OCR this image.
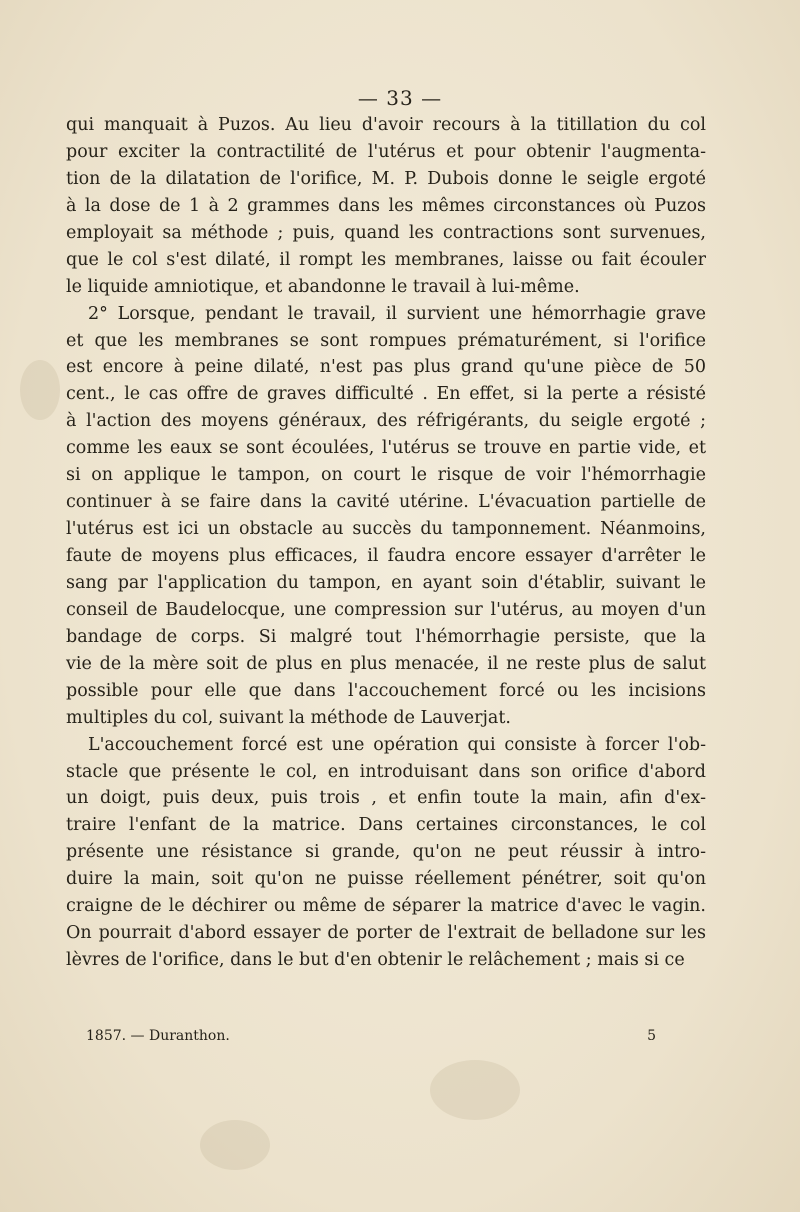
— 33 —
qui manquait à Puzos. Au lieu d'avoir recours à la titillation du col
pour exciter la contractilité de l'utérus et pour obtenir l'augmenta-
tion de la dilatation de l'orifice, M. P. Dubois donne le seigle ergoté
à la dose de 1 à 2 grammes dans les mêmes circonstances où Puzos
employait sa méthode ; puis, quand les contractions sont survenues,
que le col s'est dilaté, il rompt les membranes, laisse ou fait écouler
le liquide amniotique, et abandonne le travail à lui-même.
2° Lorsque, pendant le travail, il survient une hémorrhagie grave
et que les membranes se sont rompues prématurément, si l'orifice
est encore à peine dilaté, n'est pas plus grand qu'une pièce de 50
cent., le cas offre de graves difficulté . En effet, si la perte a résisté
à l'action des moyens généraux, des réfrigérants, du seigle ergoté ;
comme les eaux se sont écoulées, l'utérus se trouve en partie vide, et
si on applique le tampon, on court le risque de voir l'hémorrhagie
continuer à se faire dans la cavité utérine. L'évacuation partielle de
l'utérus est ici un obstacle au succès du tamponnement. Néanmoins,
faute de moyens plus efficaces, il faudra encore essayer d'arrêter le
sang par l'application du tampon, en ayant soin d'établir, suivant le
conseil de Baudelocque, une compression sur l'utérus, au moyen d'un
bandage de corps. Si malgré tout l'hémorrhagie persiste, que la
vie de la mère soit de plus en plus menacée, il ne reste plus de salut
possible pour elle que dans l'accouchement forcé ou les incisions
multiples du col, suivant la méthode de Lauverjat.
L'accouchement forcé est une opération qui consiste à forcer l'ob-
stacle que présente le col, en introduisant dans son orifice d'abord
un doigt, puis deux, puis trois , et enfin toute la main, afin d'ex-
traire l'enfant de la matrice. Dans certaines circonstances, le col
présente une résistance si grande, qu'on ne peut réussir à intro-
duire la main, soit qu'on ne puisse réellement pénétrer, soit qu'on
craigne de le déchirer ou même de séparer la matrice d'avec le vagin.
On pourrait d'abord essayer de porter de l'extrait de belladone sur les
lèvres de l'orifice, dans le but d'en obtenir le relâchement ; mais si ce
1857. — Duranthon.	5
